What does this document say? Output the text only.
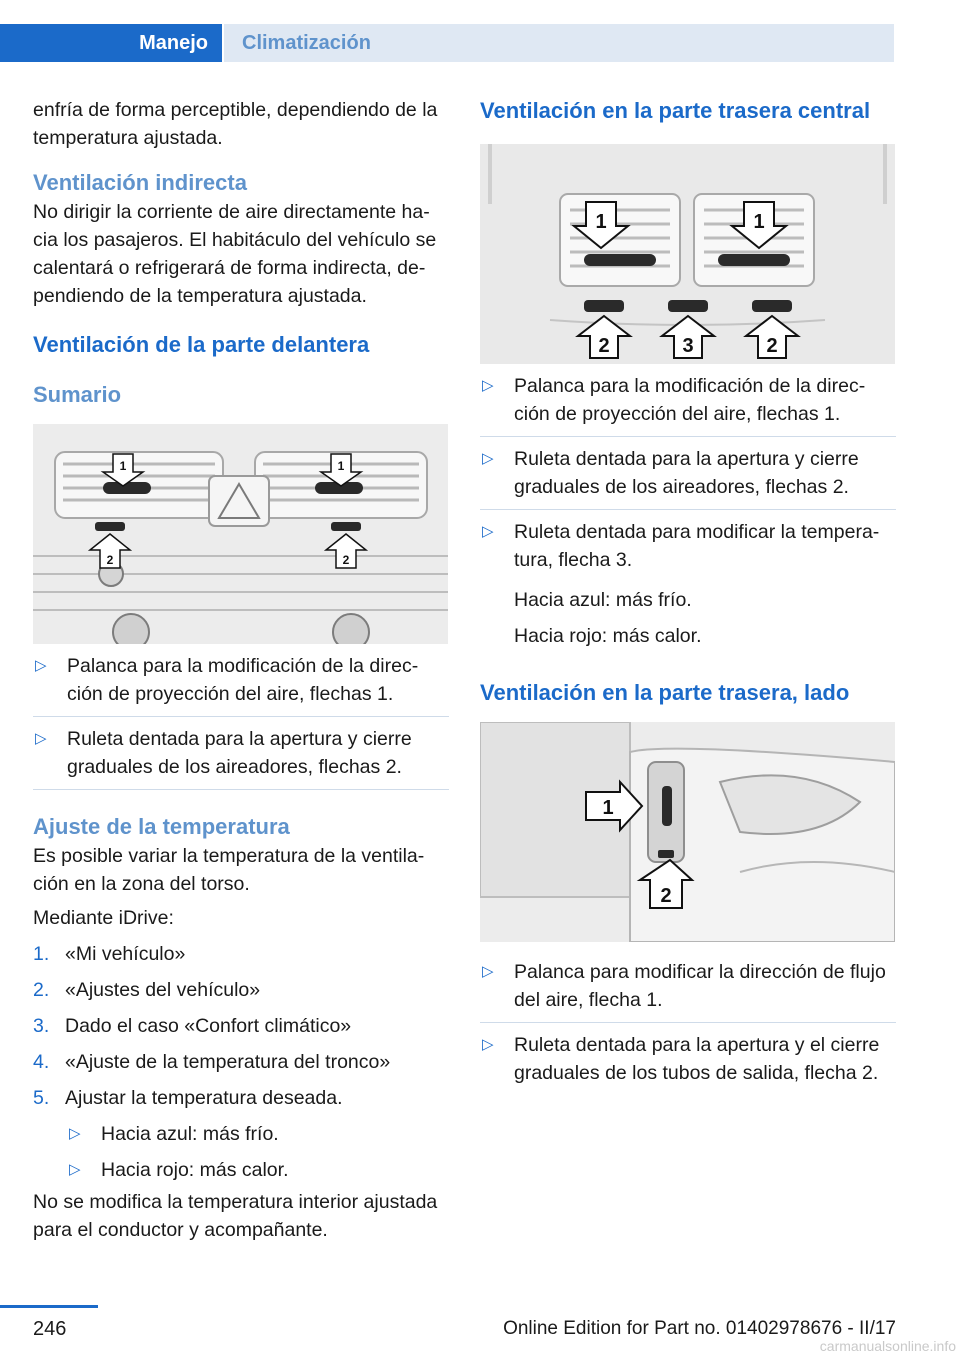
Manejo	Climatización

enfría de forma perceptible, dependiendo de la temperatura ajustada.

Ventilación indirecta

No dirigir la corriente de aire directamente ha‐cia los pasajeros. El habitáculo del vehículo se calentará o refrigerará de forma indirecta, de‐pendiendo de la temperatura ajustada.

Ventilación de la parte delantera
Sumario
1	1
2	2
▷ Palanca para la modificación de la direc‐ción de proyección del aire, flechas 1.
▷ Ruleta dentada para la apertura y cierre graduales de los aireadores, flechas 2.
Ajuste de la temperatura

Es posible variar la temperatura de la ventila‐ción en la zona del torso.

Mediante iDrive:

1. «Mi vehículo»
2. «Ajustes del vehículo»
3. Dado el caso «Confort climático»
4. «Ajuste de la temperatura del tronco»
5. Ajustar la temperatura deseada.
▷ Hacia azul: más frío.
▷ Hacia rojo: más calor.

No se modifica la temperatura interior ajustada para el conductor y acompañante.

Ventilación en la parte trasera central
1	1
2	3	2
▷ Palanca para la modificación de la direc‐ción de proyección del aire, flechas 1.
▷ Ruleta dentada para la apertura y cierre graduales de los aireadores, flechas 2.
▷ Ruleta dentada para modificar la tempera‐tura, flecha 3.
Hacia azul: más frío.
Hacia rojo: más calor.
Ventilación en la parte trasera, lado
1
2
▷ Palanca para modificar la dirección de flujo del aire, flecha 1.
▷ Ruleta dentada para la apertura y el cierre graduales de los tubos de salida, flecha 2.
246	Online Edition for Part no. 01402978676 - II/17
carmanualsonline.info
